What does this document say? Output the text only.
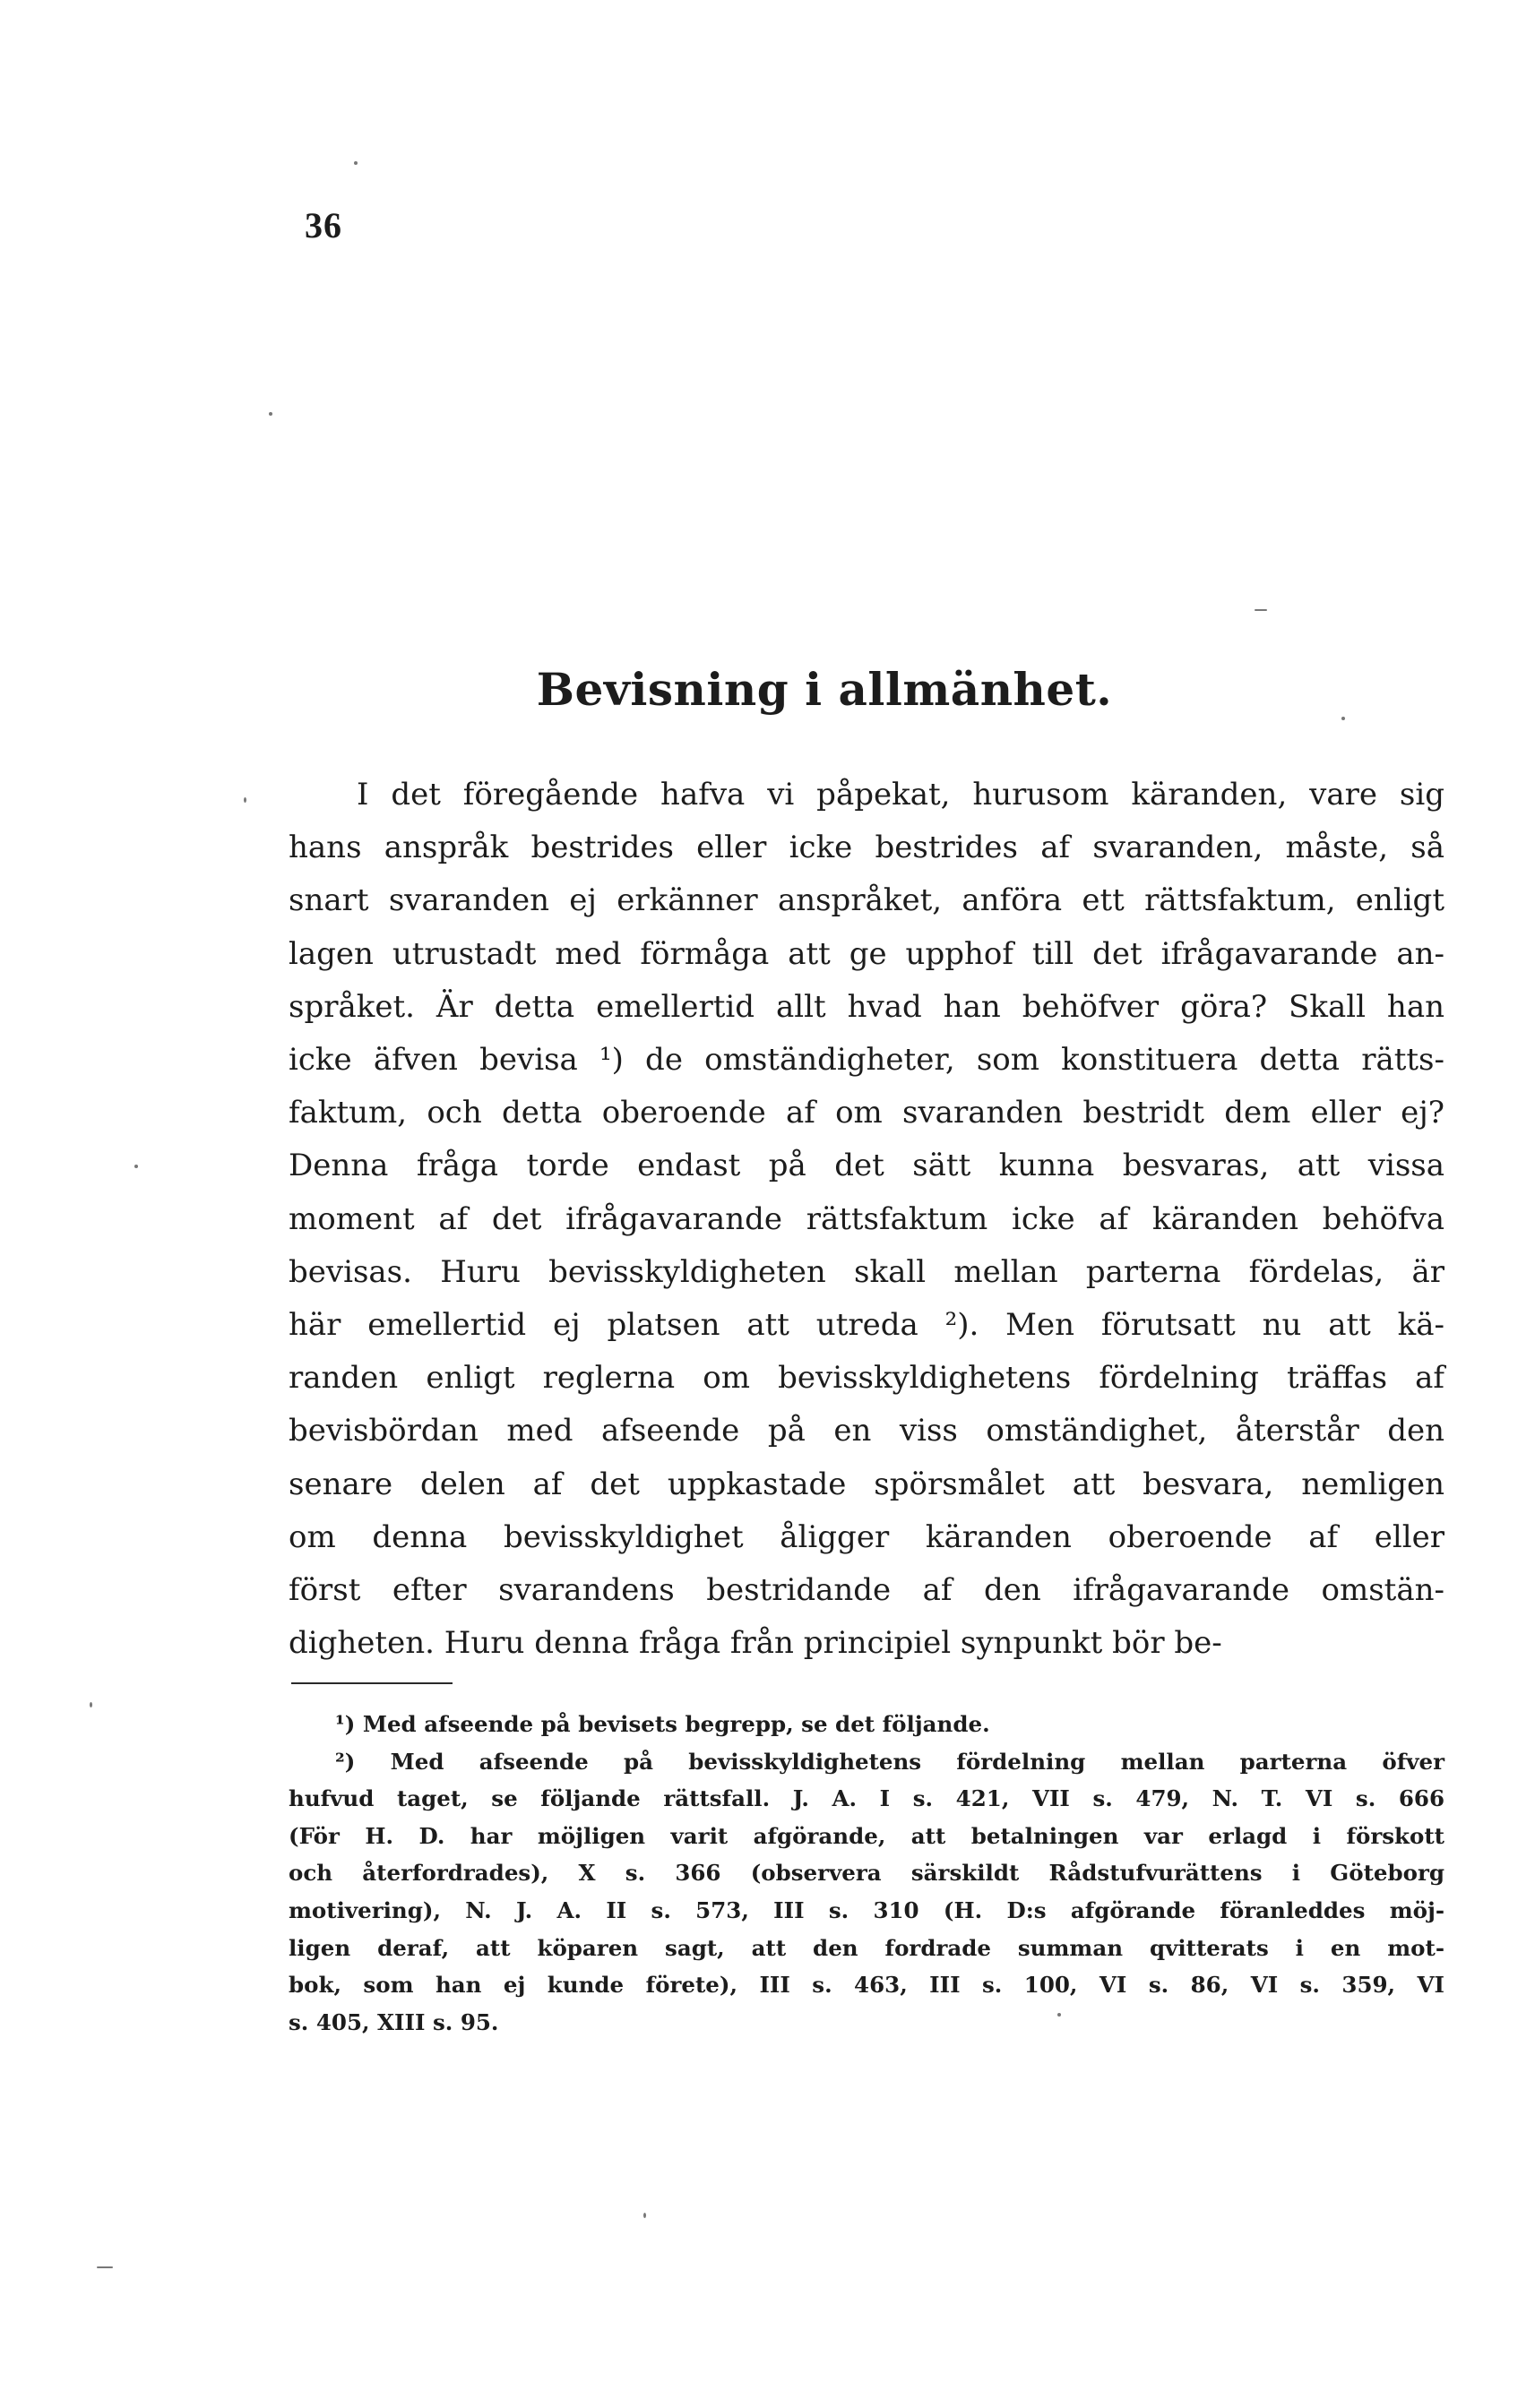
36
Bevisning i allmänhet.
I det föregående hafva vi påpekat, hurusom käranden, vare sig
hans anspråk bestrides eller icke bestrides af svaranden, måste, så
snart svaranden ej erkänner anspråket, anföra ett rättsfaktum, enligt
lagen utrustadt med förmåga att ge upphof till det ifrågavarande an-
språket. Är detta emellertid allt hvad han behöfver göra? Skall han
icke äfven bevisa ¹) de omständigheter, som konstituera detta rätts-
faktum, och detta oberoende af om svaranden bestridt dem eller ej?
Denna fråga torde endast på det sätt kunna besvaras, att vissa
moment af det ifrågavarande rättsfaktum icke af käranden behöfva
bevisas. Huru bevisskyldigheten skall mellan parterna fördelas, är
här emellertid ej platsen att utreda ²). Men förutsatt nu att kä-
randen enligt reglerna om bevisskyldighetens fördelning träffas af
bevisbördan med afseende på en viss omständighet, återstår den
senare delen af det uppkastade spörsmålet att besvara, nemligen
om denna bevisskyldighet åligger käranden oberoende af eller
först efter svarandens bestridande af den ifrågavarande omstän-
digheten. Huru denna fråga från principiel synpunkt bör be-
¹) Med afseende på bevisets begrepp, se det följande.
²) Med afseende på bevisskyldighetens fördelning mellan parterna öfver
hufvud taget, se följande rättsfall. J. A. I s. 421, VII s. 479, N. T. VI s. 666
(För H. D. har möjligen varit afgörande, att betalningen var erlagd i förskott
och återfordrades), X s. 366 (observera särskildt Rådstufvurättens i Göteborg
motivering), N. J. A. II s. 573, III s. 310 (H. D:s afgörande föranleddes möj-
ligen deraf, att köparen sagt, att den fordrade summan qvitterats i en mot-
bok, som han ej kunde förete), III s. 463, III s. 100, VI s. 86, VI s. 359, VI
s. 405, XIII s. 95.
